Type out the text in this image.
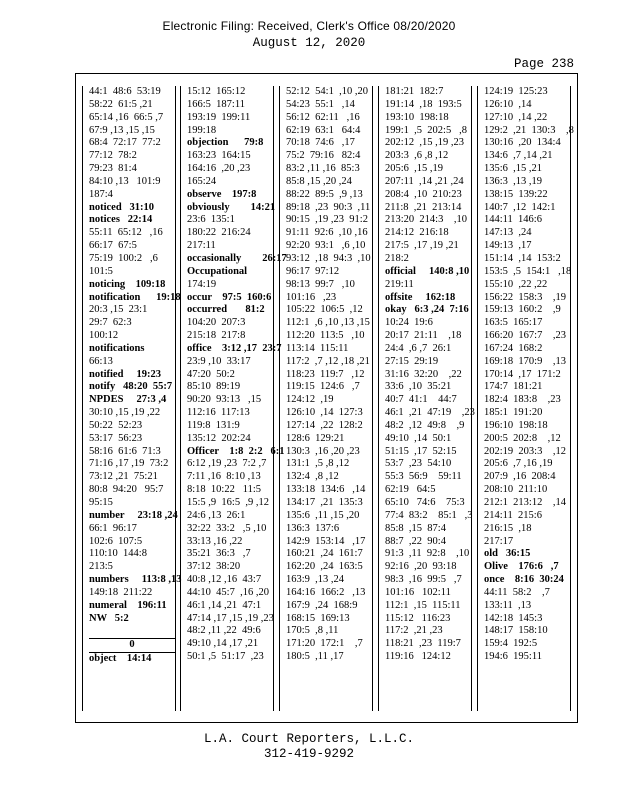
Electronic Filing: Received, Clerk's Office 08/20/2020
August 12, 2020
Page 238
44:1  48:6  53:19
58:22  61:5 ,21
65:14 ,16  66:5 ,7
67:9 ,13 ,15 ,15
68:4  72:17  77:2
77:12  78:2
79:23  81:4
84:10 ,13   101:9
187:4
noticed   31:10
notices   22:14
55:11  65:12   ,16
66:17  67:5
75:19  100:2   ,6
101:5
noticing    109:18
notification      19:18
20:3 ,15  23:1
29:7  62:3
100:12
notifications
66:13
notified     19:23
notify   48:20  55:7
NPDES     27:3 ,4
30:10 ,15 ,19 ,22
50:22  52:23
53:17  56:23
58:16  61:6  71:3
71:16 ,17 ,19  73:2
73:12 ,21  75:21
80:8  94:20   95:7
95:15
number     23:18 ,24
66:1  96:17
102:6  107:5
110:10  144:8
213:5
numbers     113:8 ,13
149:18  211:22
numeral    196:11
NW   5:2

0
object    14:14
15:12  165:12
166:5  187:11
193:19  199:11
199:18
objection      79:8
163:23  164:15
164:16  ,20 ,23
165:24
observe    197:8
obviously        14:21
23:6  135:1
180:22  216:24
217:11
occasionally        26:17
Occupational
174:19
occur    97:5  160:6
occurred       81:2
104:20  207:3
215:18  217:8
office    3:12 ,17  23:7
23:9 ,10  33:17
47:20  50:2
85:10  89:19
90:20  93:13   ,15
112:16  117:13
119:8  131:9
135:12  202:24
Officer    1:8  2:2   6:1
6:12 ,19 ,23  7:2 ,7
7:11 ,16  8:10 ,13
8:18  10:22   11:5
15:5 ,9  16:5  ,9 ,12
24:6 ,13  26:1
32:22  33:2   ,5 ,10
33:13 ,16 ,22
35:21  36:3   ,7
37:12  38:20
40:8 ,12 ,16  43:7
44:10  45:7  ,16 ,20
46:1 ,14 ,21  47:1
47:14 ,17 ,15 ,19 ,23
48:2 ,11 ,22  49:6
49:10 ,14 ,17 ,21
50:1 ,5  51:17  ,23
52:12  54:1  ,10 ,20
54:23  55:1   ,14
56:12  62:11   ,16
62:19  63:1   64:4
70:18  74:6   ,17
75:2  79:16   82:4
83:2 ,11 ,16  85:3
85:8 ,15 ,20 ,24
88:22  89:5  ,9 ,13
89:18  ,23  90:3  ,11
90:15  ,19 ,23  91:2
91:11  92:6  ,10 ,16
92:20  93:1   ,6 ,10
93:12  ,18  94:3  ,10
96:17  97:12
98:13  99:7   ,10
101:16   ,23
105:22  106:5  ,12
112:1  ,6 ,10 ,13 ,15
112:20  113:5   ,10
113:14  115:11
117:2  ,7 ,12 ,18 ,21
118:23  119:7   ,12
119:15  124:6   ,7
124:12  ,19
126:10  ,14  127:3
127:14  ,22  128:2
128:6  129:21
130:3  ,16 ,20 ,23
131:1  ,5 ,8 ,12
132:4  ,8 ,12
133:18  134:6   ,14
134:17  ,21  135:3
135:6  ,11 ,15 ,20
136:3  137:6
142:9  153:14   ,17
160:21  ,24  161:7
162:20  ,24  163:5
163:9  ,13 ,24
164:16  166:2   ,13
167:9  ,24  168:9
168:15  169:13
170:5  ,8 ,11
171:20  172:1    ,7
180:5  ,11 ,17
181:21  182:7
191:14  ,18  193:5
193:10  198:18
199:1  ,5  202:5   ,8
202:12  ,15 ,19 ,23
203:3  ,6 ,8 ,12
205:6  ,15 ,19
207:11  ,14 ,21 ,24
208:4  ,10  210:23
211:8  ,21  213:14
213:20  214:3    ,10
214:12  216:18
217:5  ,17 ,19 ,21
218:2
official     140:8 ,10
219:11
offsite     162:18
okay   6:3 ,24  7:16
10:24  19:6
20:17  21:11    ,18
24:4  ,6 ,7  26:1
27:15  29:19
31:16  32:20    ,22
33:6  ,10  35:21
40:7  41:1    44:7
46:1  ,21  47:19    ,23
48:2  ,12  49:8    ,9
49:10  ,14  50:1
51:15  ,17  52:15
53:7  ,23  54:10
55:3  56:9    59:11
62:19   64:5
65:10   74:6    75:3
77:4  83:2    85:1   ,3
85:8  ,15  87:4
88:7  ,22  90:4
91:3  ,11  92:8    ,10
92:16  ,20  93:18
98:3  ,16  99:5   ,7
101:16   102:11
112:1  ,15  115:11
115:12   116:23
117:2  ,21 ,23
118:21  ,23  119:7
119:16   124:12
124:19  125:23
126:10  ,14
127:10  ,14 ,22
129:2  ,21  130:3    ,8
130:16  ,20  134:4
134:6  ,7 ,14 ,21
135:6  ,15 ,21
136:3  ,13 ,19
138:15  139:22
140:7  ,12  142:1
144:11  146:6
147:13  ,24
149:13  ,17
151:14  ,14  153:2
153:5  ,5  154:1   ,18
155:10  ,22 ,22
156:22  158:3    ,19
159:13  160:2    ,9
163:5  165:17
166:20  167:7    ,23
167:24  168:2
169:18  170:9    ,13
170:14  ,17  171:2
174:7  181:21
182:4  183:8    ,23
185:1  191:20
196:10  198:18
200:5  202:8    ,12
202:19  203:3    ,12
205:6  ,7 ,16 ,19
207:9  ,16  208:4
208:10  211:10
212:1  213:12    ,14
214:11  215:6
216:15  ,18
217:17
old   36:15
Olive    176:6   ,7
once    8:16  30:24
44:11  58:2    ,7
133:11  ,13
142:18  145:3
148:17  158:10
159:4  192:5
194:6  195:11
L.A. Court Reporters, L.L.C.
312-419-9292
